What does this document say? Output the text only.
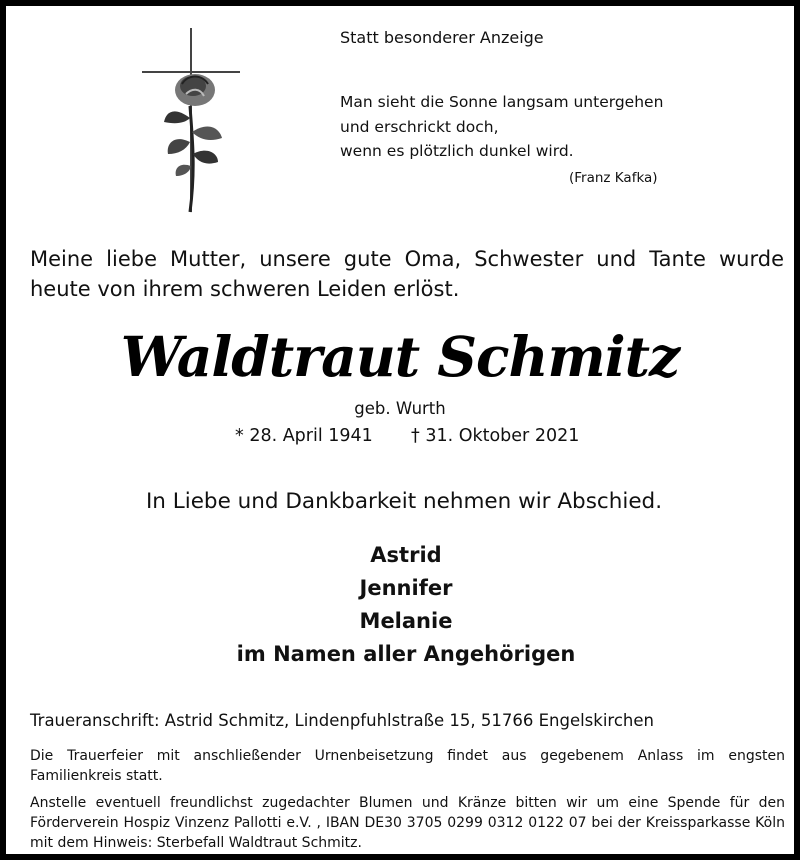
Statt besonderer Anzeige
Man sieht die Sonne langsam untergehen
und erschrickt doch,
wenn es plötzlich dunkel wird.
(Franz Kafka)
Meine liebe Mutter, unsere gute Oma, Schwester und Tante wurde heute von ihrem schweren Leiden erlöst.
Waldtraut Schmitz
geb. Wurth
* 28. April 1941 † 31. Oktober 2021
In Liebe und Dankbarkeit nehmen wir Abschied.
Astrid
Jennifer
Melanie
im Namen aller Angehörigen
Traueranschrift: Astrid Schmitz, Lindenpfuhlstraße 15, 51766 Engelskirchen
Die Trauerfeier mit anschließender Urnenbeisetzung findet aus gegebenem Anlass im engsten Familienkreis statt.
Anstelle eventuell freundlichst zugedachter Blumen und Kränze bitten wir um eine Spende für den Förderverein Hospiz Vinzenz Pallotti e.V. , IBAN DE30 3705 0299 0312 0122 07 bei der Kreissparkasse Köln mit dem Hinweis: Sterbefall Waldtraut Schmitz.
